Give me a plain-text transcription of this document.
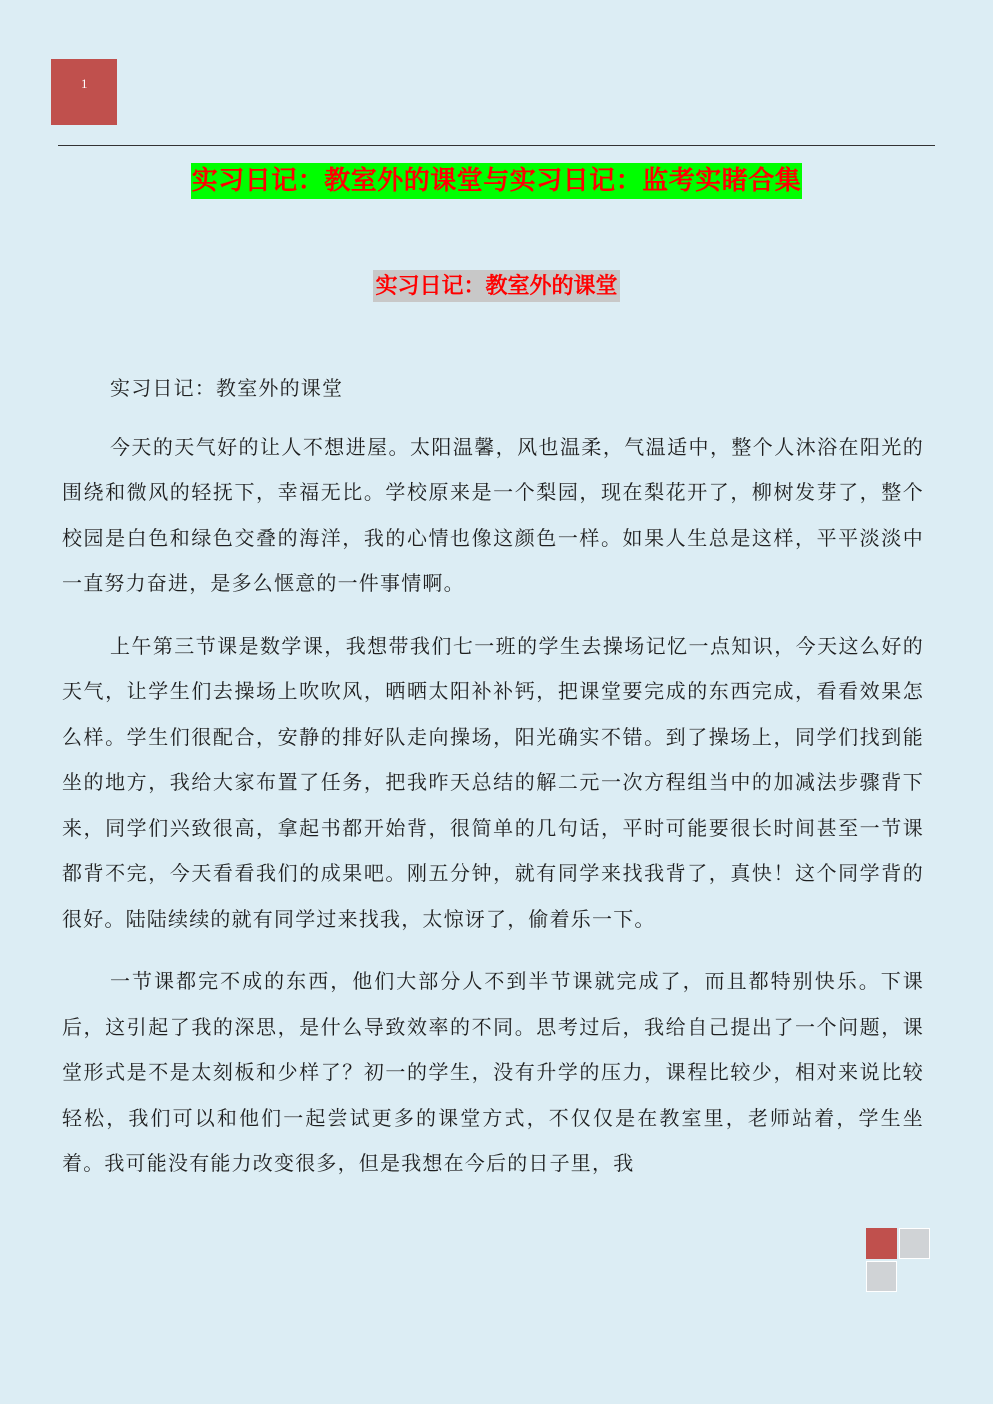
1
实习日记：教室外的课堂与实习日记：监考实睹合集
实习日记：教室外的课堂

实习日记：教室外的课堂

今天的天气好的让人不想进屋。太阳温馨，风也温柔，气温适中，整个人沐浴在阳光的围绕和微风的轻抚下，幸福无比。学校原来是一个梨园，现在梨花开了，柳树发芽了，整个校园是白色和绿色交叠的海洋，我的心情也像这颜色一样。如果人生总是这样，平平淡淡中一直努力奋进，是多么惬意的一件事情啊。

上午第三节课是数学课，我想带我们七一班的学生去操场记忆一点知识，今天这么好的天气，让学生们去操场上吹吹风，晒晒太阳补补钙，把课堂要完成的东西完成，看看效果怎么样。学生们很配合，安静的排好队走向操场，阳光确实不错。到了操场上，同学们找到能坐的地方，我给大家布置了任务，把我昨天总结的解二元一次方程组当中的加减法步骤背下来，同学们兴致很高，拿起书都开始背，很简单的几句话，平时可能要很长时间甚至一节课都背不完，今天看看我们的成果吧。刚五分钟，就有同学来找我背了，真快！这个同学背的很好。陆陆续续的就有同学过来找我，太惊讶了，偷着乐一下。

一节课都完不成的东西，他们大部分人不到半节课就完成了，而且都特别快乐。下课后，这引起了我的深思，是什么导致效率的不同。思考过后，我给自己提出了一个问题，课堂形式是不是太刻板和少样了？初一的学生，没有升学的压力，课程比较少，相对来说比较轻松，我们可以和他们一起尝试更多的课堂方式，不仅仅是在教室里，老师站着，学生坐着。我可能没有能力改变很多，但是我想在今后的日子里，我
